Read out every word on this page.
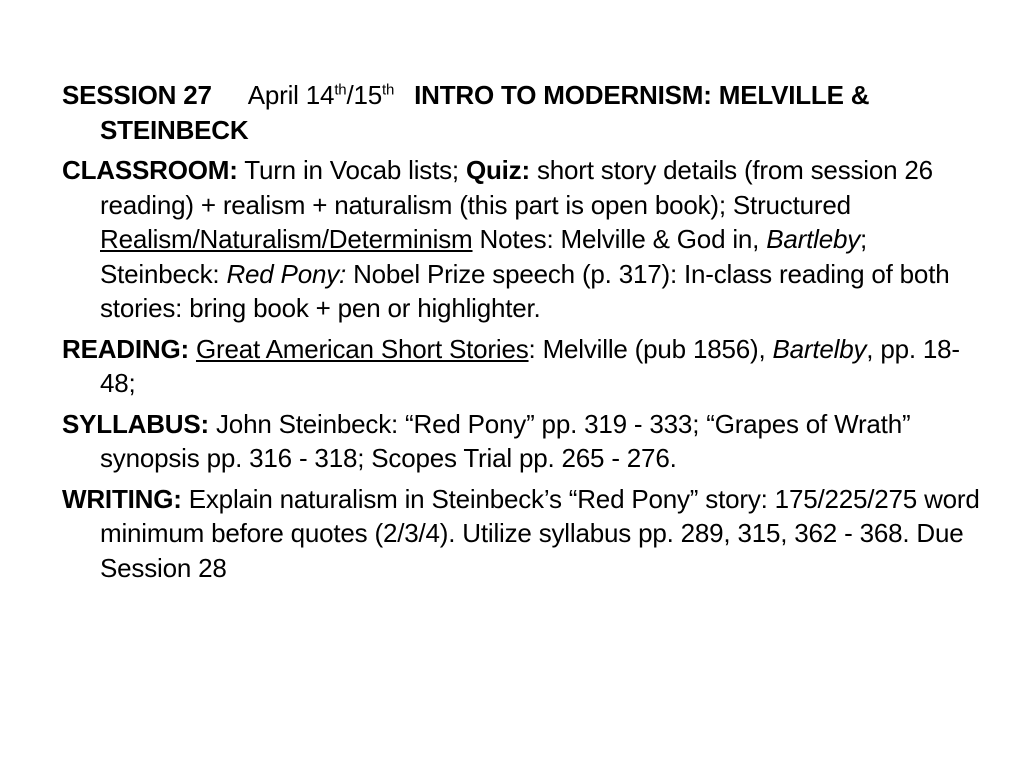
SESSION 27 April 14th/15th INTRO TO MODERNISM: MELVILLE & STEINBECK

CLASSROOM: Turn in Vocab lists; Quiz: short story details (from session 26 reading) + realism + naturalism (this part is open book); Structured Realism/Naturalism/Determinism Notes: Melville & God in, Bartleby; Steinbeck: Red Pony: Nobel Prize speech (p. 317): In-class reading of both stories: bring book + pen or highlighter.

READING: Great American Short Stories: Melville (pub 1856), Bartelby, pp. 18-48;

SYLLABUS: John Steinbeck: “Red Pony” pp. 319 - 333; “Grapes of Wrath” synopsis pp. 316 - 318; Scopes Trial pp. 265 - 276.

WRITING: Explain naturalism in Steinbeck’s “Red Pony” story: 175/225/275 word minimum before quotes (2/3/4). Utilize syllabus pp. 289, 315, 362 - 368. Due Session 28
